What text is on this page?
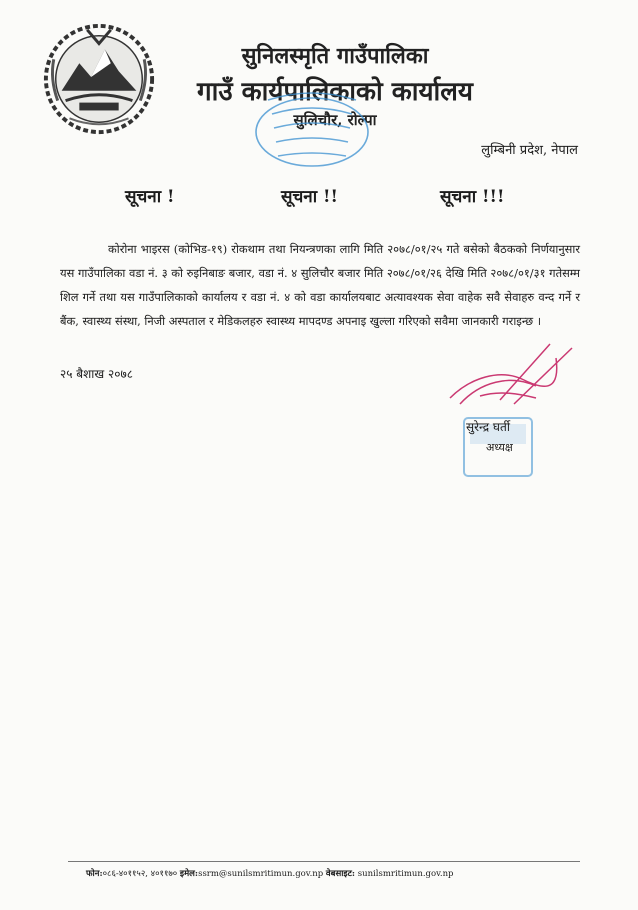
सुनिलस्मृति गाउँपालिका
गाउँ कार्यपालिकाको कार्यालय
सुलिचौर, रोल्पा
लुम्बिनी प्रदेश, नेपाल
सूचना !	सूचना !!	सूचना !!!
कोरोना भाइरस (कोभिड-१९) रोकथाम तथा नियन्त्रणका लागि मिति २०७८/०१/२५ गते बसेको बैठकको निर्णयानुसार यस गाउँपालिका वडा नं. ३ को रुइनिबाङ बजार, वडा नं. ४ सुलिचौर बजार मिति २०७८/०१/२६ देखि मिति २०७८/०१/३१ गतेसम्म शिल गर्ने तथा यस गाउँपालिकाको कार्यालय र वडा नं. ४ को वडा कार्यालयबाट अत्यावश्यक सेवा वाहेक सवै सेवाहरु वन्द गर्ने र बैंक, स्वास्थ्य संस्था, निजी अस्पताल र मेडिकलहरु स्वास्थ्य मापदण्ड अपनाइ खुल्ला गरिएको सवैमा जानकारी गराइन्छ ।
२५ बैशाख २०७८
सुरेन्द्र घर्ती
अध्यक्ष
फोन:०८६-४०११५२, ४०११७० इमेल:ssrm@sunilsmritimun.gov.np वेबसाइट: sunilsmritimun.gov.np
